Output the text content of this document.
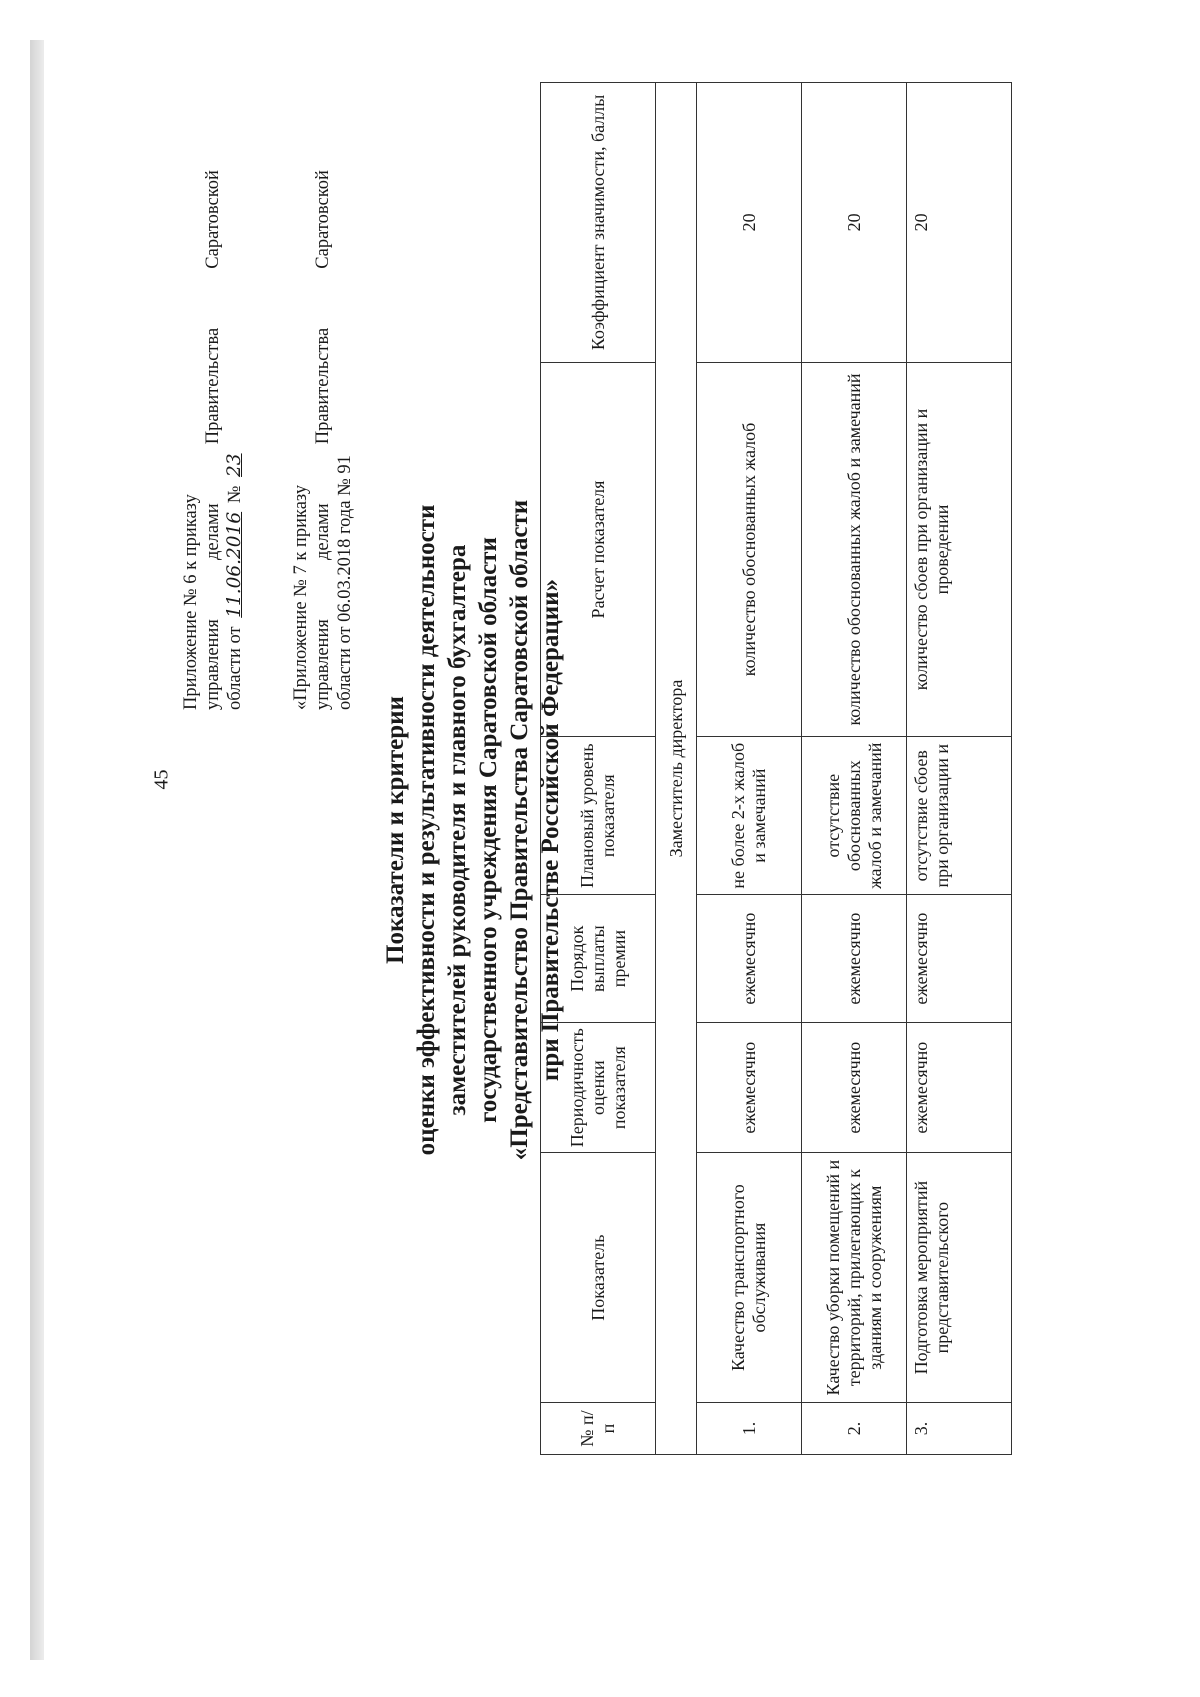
45

Приложение № 6 к приказу управления
делами
Правительства
Саратовской

области от 11.06.2016 № 23

«Приложение № 7 к приказу управления
делами
Правительства
Саратовской

области от 06.03.2018 года № 91

Показатели и критерии оценки эффективности и результативности деятельности заместителей руководителя и главного бухгалтера государственного учреждения Саратовской области «Представительство Правительства Саратовской области при Правительстве Российской Федерации»

№ п/п	Показатель	Периодичность оценки показателя	Порядок выплаты премии	Плановый уровень показателя	Расчет показателя	Коэффициент значимости, баллы
Заместитель директора						
1.	Качество транспортного обслуживания	ежемесячно	ежемесячно	не более 2-х жалоб и замечаний	количество обоснованных жалоб	20
2.	Качество уборки помещений и территорий, прилегающих к зданиям и сооружениям	ежемесячно	ежемесячно	отсутствие обоснованных жалоб и замечаний	количество обоснованных жалоб и замечаний	20
3.	Подготовка мероприятий представительского	ежемесячно	ежемесячно	отсутствие сбоев при организации и	количество сбоев при организации и проведении	20
